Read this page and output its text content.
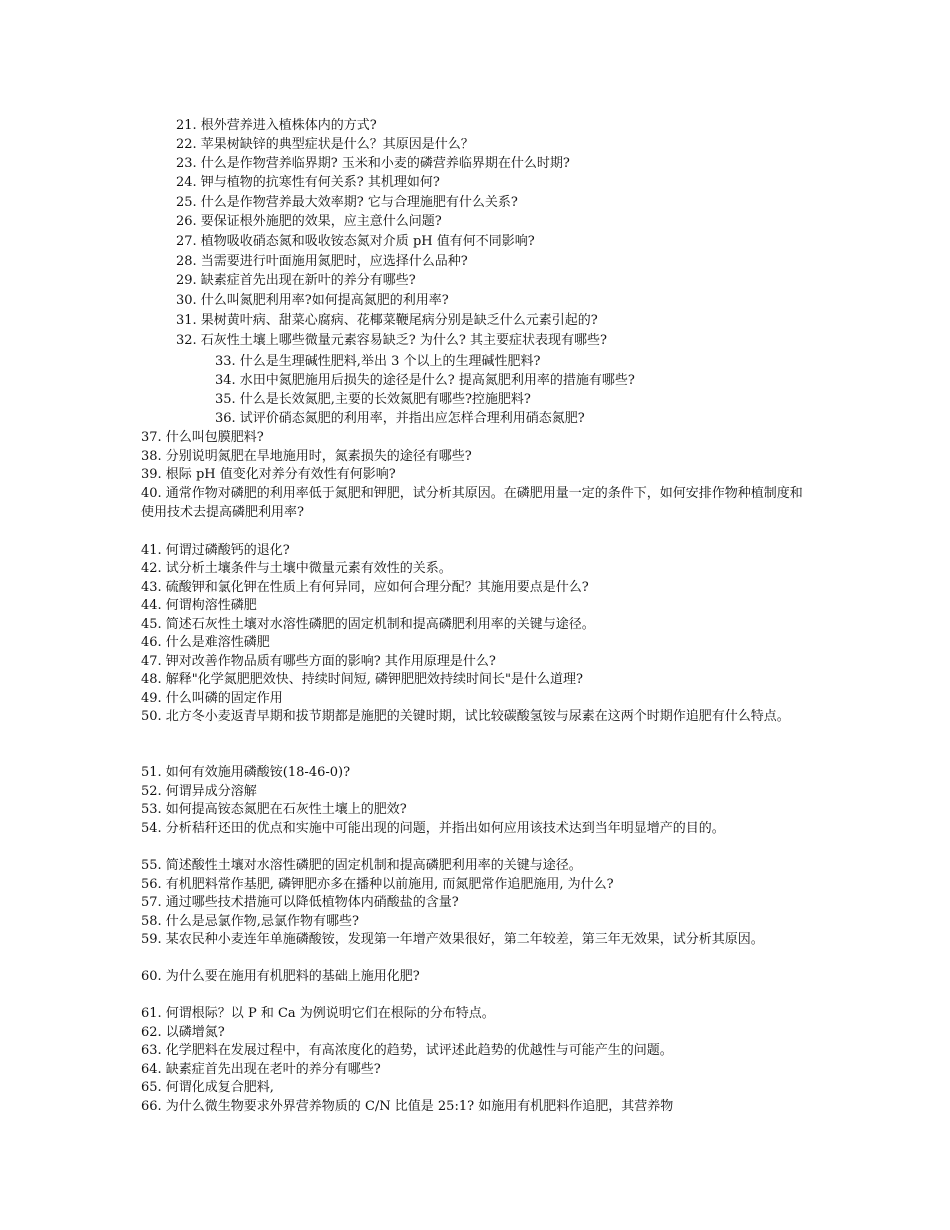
21. 根外营养进入植株体内的方式?
22. 苹果树缺锌的典型症状是什么？其原因是什么？
23. 什么是作物营养临界期? 玉米和小麦的磷营养临界期在什么时期?
24. 钾与植物的抗寒性有何关系? 其机理如何?
25. 什么是作物营养最大效率期? 它与合理施肥有什么关系?
26. 要保证根外施肥的效果，应主意什么问题?
27. 植物吸收硝态氮和吸收铵态氮对介质 pH 值有何不同影响?
28. 当需要进行叶面施用氮肥时，应选择什么品种?
29. 缺素症首先出现在新叶的养分有哪些?
30. 什么叫氮肥利用率?如何提高氮肥的利用率?
31. 果树黄叶病、甜菜心腐病、花椰菜鞭尾病分别是缺乏什么元素引起的?
32. 石灰性土壤上哪些微量元素容易缺乏? 为什么? 其主要症状表现有哪些?
33. 什么是生理碱性肥料,举出 3 个以上的生理碱性肥料?
34. 水田中氮肥施用后损失的途径是什么? 提高氮肥利用率的措施有哪些?
35. 什么是长效氮肥,主要的长效氮肥有哪些?控施肥料?
36. 试评价硝态氮肥的利用率，并指出应怎样合理利用硝态氮肥?
37. 什么叫包膜肥料?
38. 分别说明氮肥在旱地施用时，氮素损失的途径有哪些?
39. 根际 pH 值变化对养分有效性有何影响?
40. 通常作物对磷肥的利用率低于氮肥和钾肥，试分析其原因。在磷肥用量一定的条件下，如何安排作物种植制度和使用技术去提高磷肥利用率?
41. 何谓过磷酸钙的退化?
42. 试分析土壤条件与土壤中微量元素有效性的关系。
43. 硫酸钾和氯化钾在性质上有何异同，应如何合理分配？其施用要点是什么?
44. 何谓枸溶性磷肥
45. 简述石灰性土壤对水溶性磷肥的固定机制和提高磷肥利用率的关键与途径。
46. 什么是难溶性磷肥
47. 钾对改善作物品质有哪些方面的影响? 其作用原理是什么?
48. 解释"化学氮肥肥效快、持续时间短, 磷钾肥肥效持续时间长"是什么道理?
49. 什么叫磷的固定作用
50. 北方冬小麦返青早期和拔节期都是施肥的关键时期，试比较碳酸氢铵与尿素在这两个时期作追肥有什么特点。
51. 如何有效施用磷酸铵(18-46-0)?
52. 何谓异成分溶解
53. 如何提高铵态氮肥在石灰性土壤上的肥效?
54. 分析秸秆还田的优点和实施中可能出现的问题，并指出如何应用该技术达到当年明显增产的目的。
55. 简述酸性土壤对水溶性磷肥的固定机制和提高磷肥利用率的关键与途径。
56. 有机肥料常作基肥, 磷钾肥亦多在播种以前施用, 而氮肥常作追肥施用, 为什么?
57. 通过哪些技术措施可以降低植物体内硝酸盐的含量?
58. 什么是忌氯作物,忌氯作物有哪些?
59. 某农民种小麦连年单施磷酸铵，发现第一年增产效果很好，第二年较差，第三年无效果，试分析其原因。
60. 为什么要在施用有机肥料的基础上施用化肥?
61. 何谓根际？以 P 和 Ca 为例说明它们在根际的分布特点。
62. 以磷增氮?
63. 化学肥料在发展过程中，有高浓度化的趋势，试评述此趋势的优越性与可能产生的问题。
64. 缺素症首先出现在老叶的养分有哪些?
65. 何谓化成复合肥料,
66. 为什么微生物要求外界营养物质的 C/N 比值是 25:1? 如施用有机肥料作追肥，其营养物
